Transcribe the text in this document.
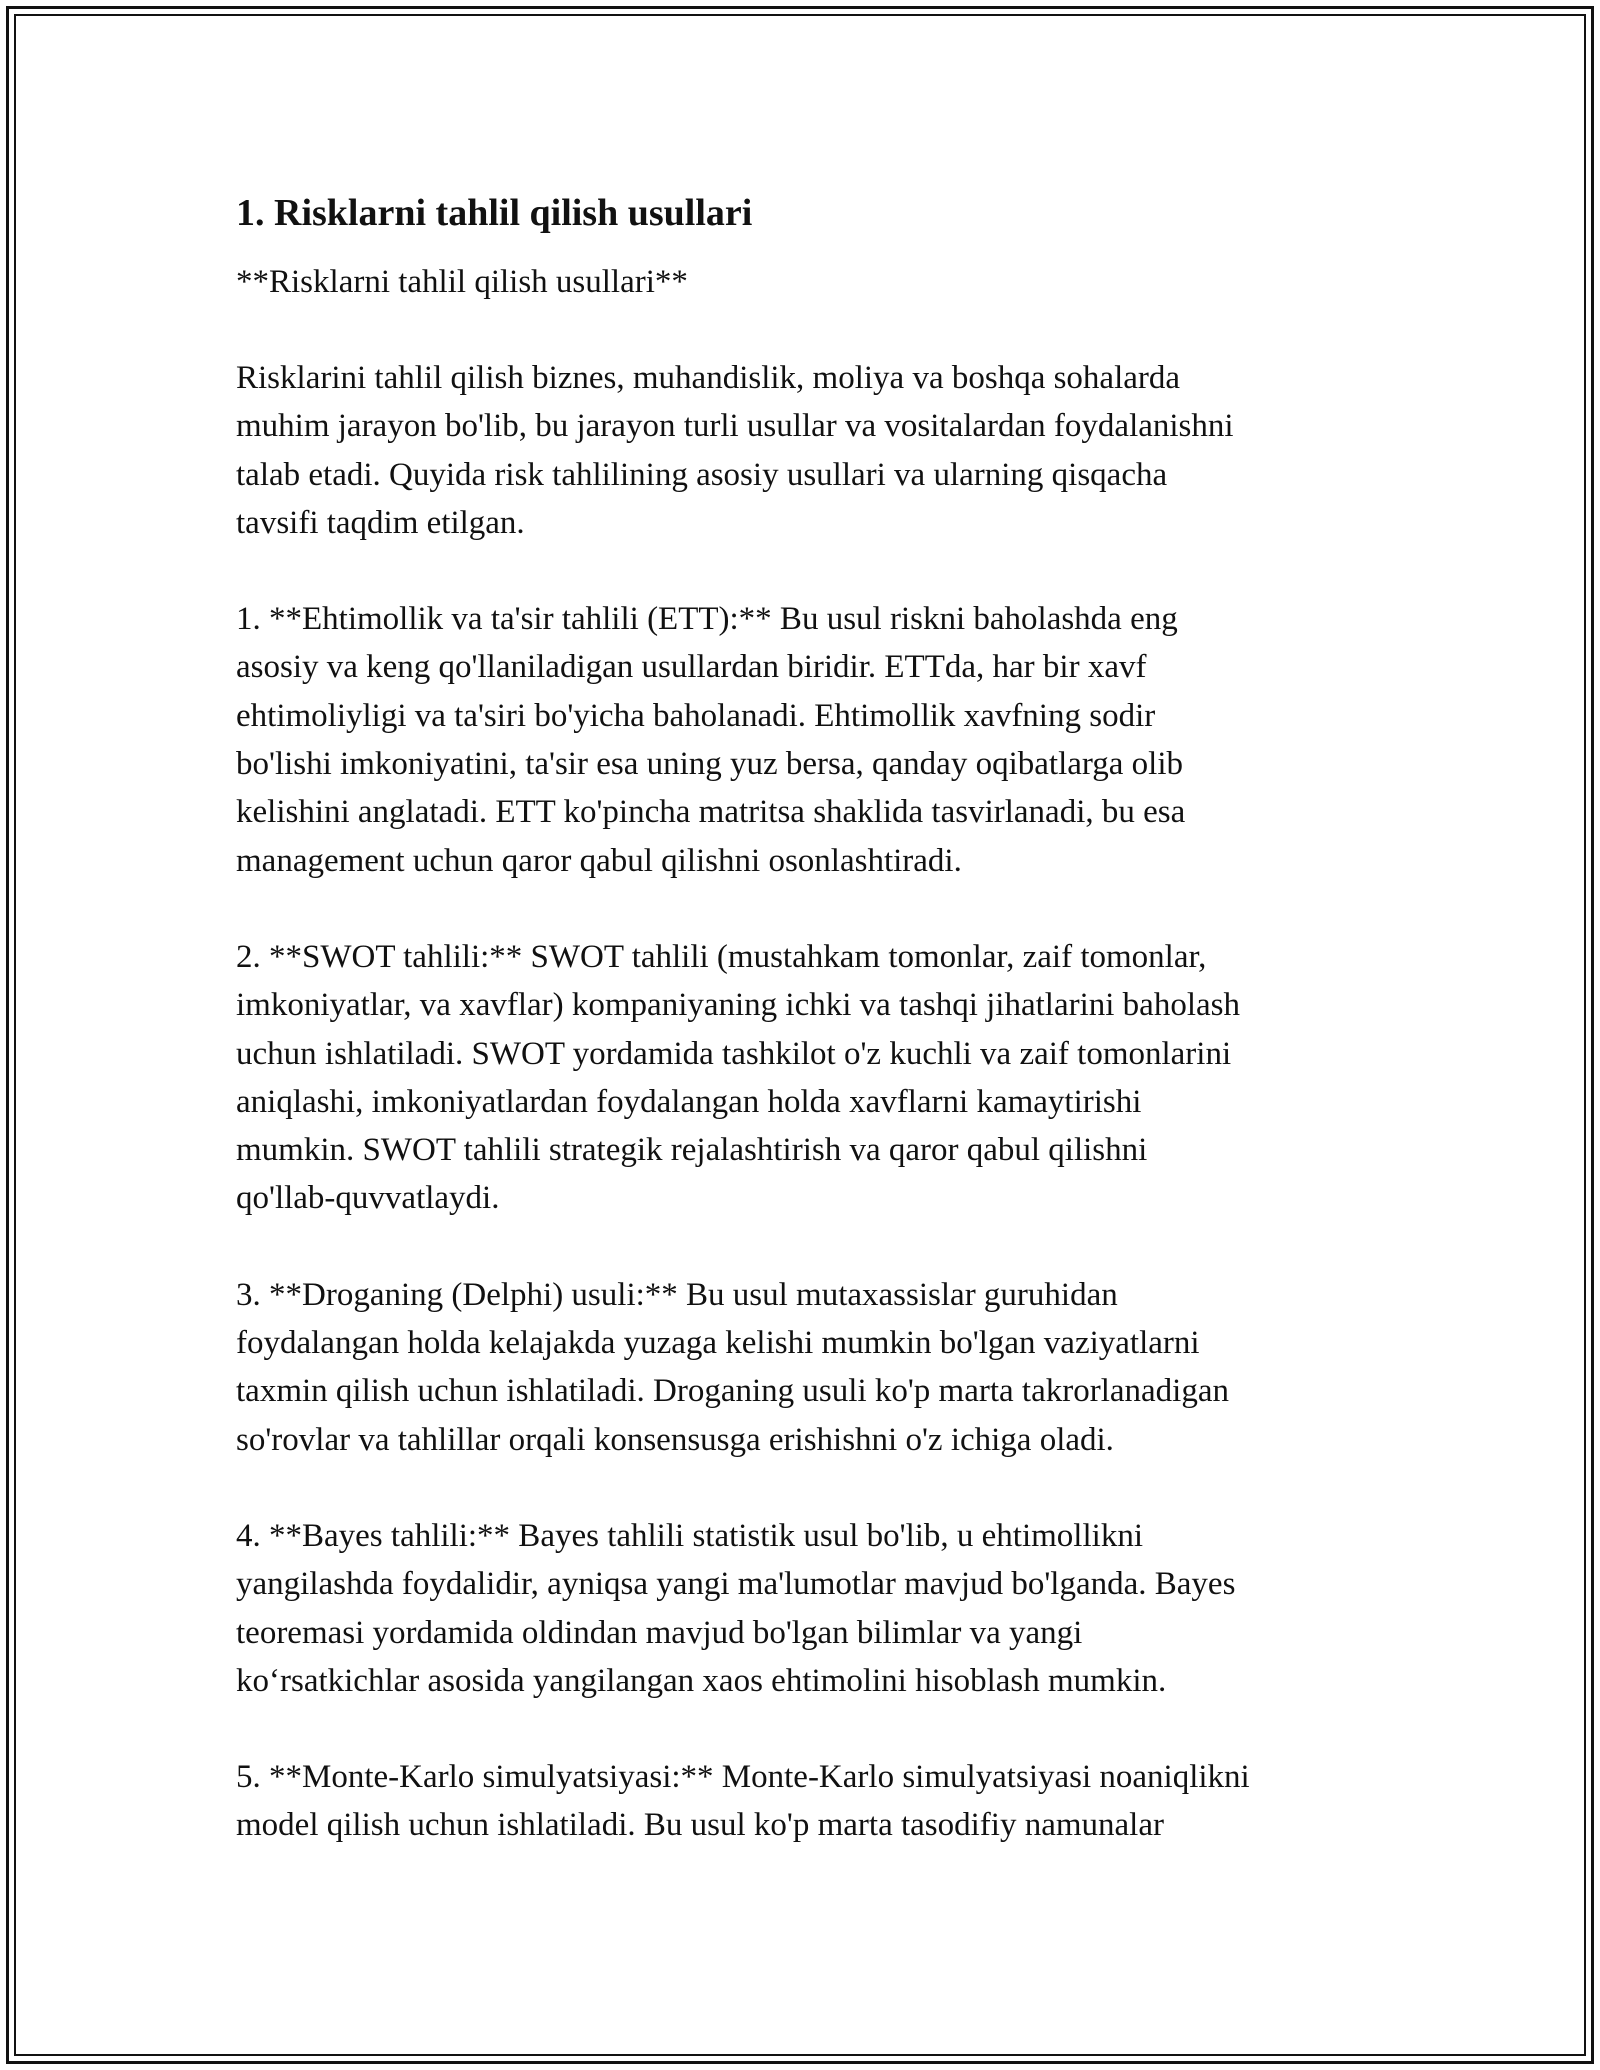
1. Risklarni tahlil qilish usullari
**Risklarni tahlil qilish usullari**

Risklarini tahlil qilish biznes, muhandislik, moliya va boshqa sohalarda
muhim jarayon bo'lib, bu jarayon turli usullar va vositalardan foydalanishni
talab etadi. Quyida risk tahlilining asosiy usullari va ularning qisqacha
tavsifi taqdim etilgan.

1. **Ehtimollik va ta'sir tahlili (ETT):** Bu usul riskni baholashda eng
asosiy va keng qo'llaniladigan usullardan biridir. ETTda, har bir xavf
ehtimoliyligi va ta'siri bo'yicha baholanadi. Ehtimollik xavfning sodir
bo'lishi imkoniyatini, ta'sir esa uning yuz bersa, qanday oqibatlarga olib
kelishini anglatadi. ETT ko'pincha matritsa shaklida tasvirlanadi, bu esa
management uchun qaror qabul qilishni osonlashtiradi.

2. **SWOT tahlili:** SWOT tahlili (mustahkam tomonlar, zaif tomonlar,
imkoniyatlar, va xavflar) kompaniyaning ichki va tashqi jihatlarini baholash
uchun ishlatiladi. SWOT yordamida tashkilot o'z kuchli va zaif tomonlarini
aniqlashi, imkoniyatlardan foydalangan holda xavflarni kamaytirishi
mumkin. SWOT tahlili strategik rejalashtirish va qaror qabul qilishni
qo'llab-quvvatlaydi.

3. **Droganing (Delphi) usuli:** Bu usul mutaxassislar guruhidan
foydalangan holda kelajakda yuzaga kelishi mumkin bo'lgan vaziyatlarni
taxmin qilish uchun ishlatiladi. Droganing usuli ko'p marta takrorlanadigan
so'rovlar va tahlillar orqali konsensusga erishishni o'z ichiga oladi.

4. **Bayes tahlili:** Bayes tahlili statistik usul bo'lib, u ehtimollikni
yangilashda foydalidir, ayniqsa yangi ma'lumotlar mavjud bo'lganda. Bayes
teoremasi yordamida oldindan mavjud bo'lgan bilimlar va yangi
ko‘rsatkichlar asosida yangilangan xaos ehtimolini hisoblash mumkin.

5. **Monte-Karlo simulyatsiyasi:** Monte-Karlo simulyatsiyasi noaniqlikni
model qilish uchun ishlatiladi. Bu usul ko'p marta tasodifiy namunalar
